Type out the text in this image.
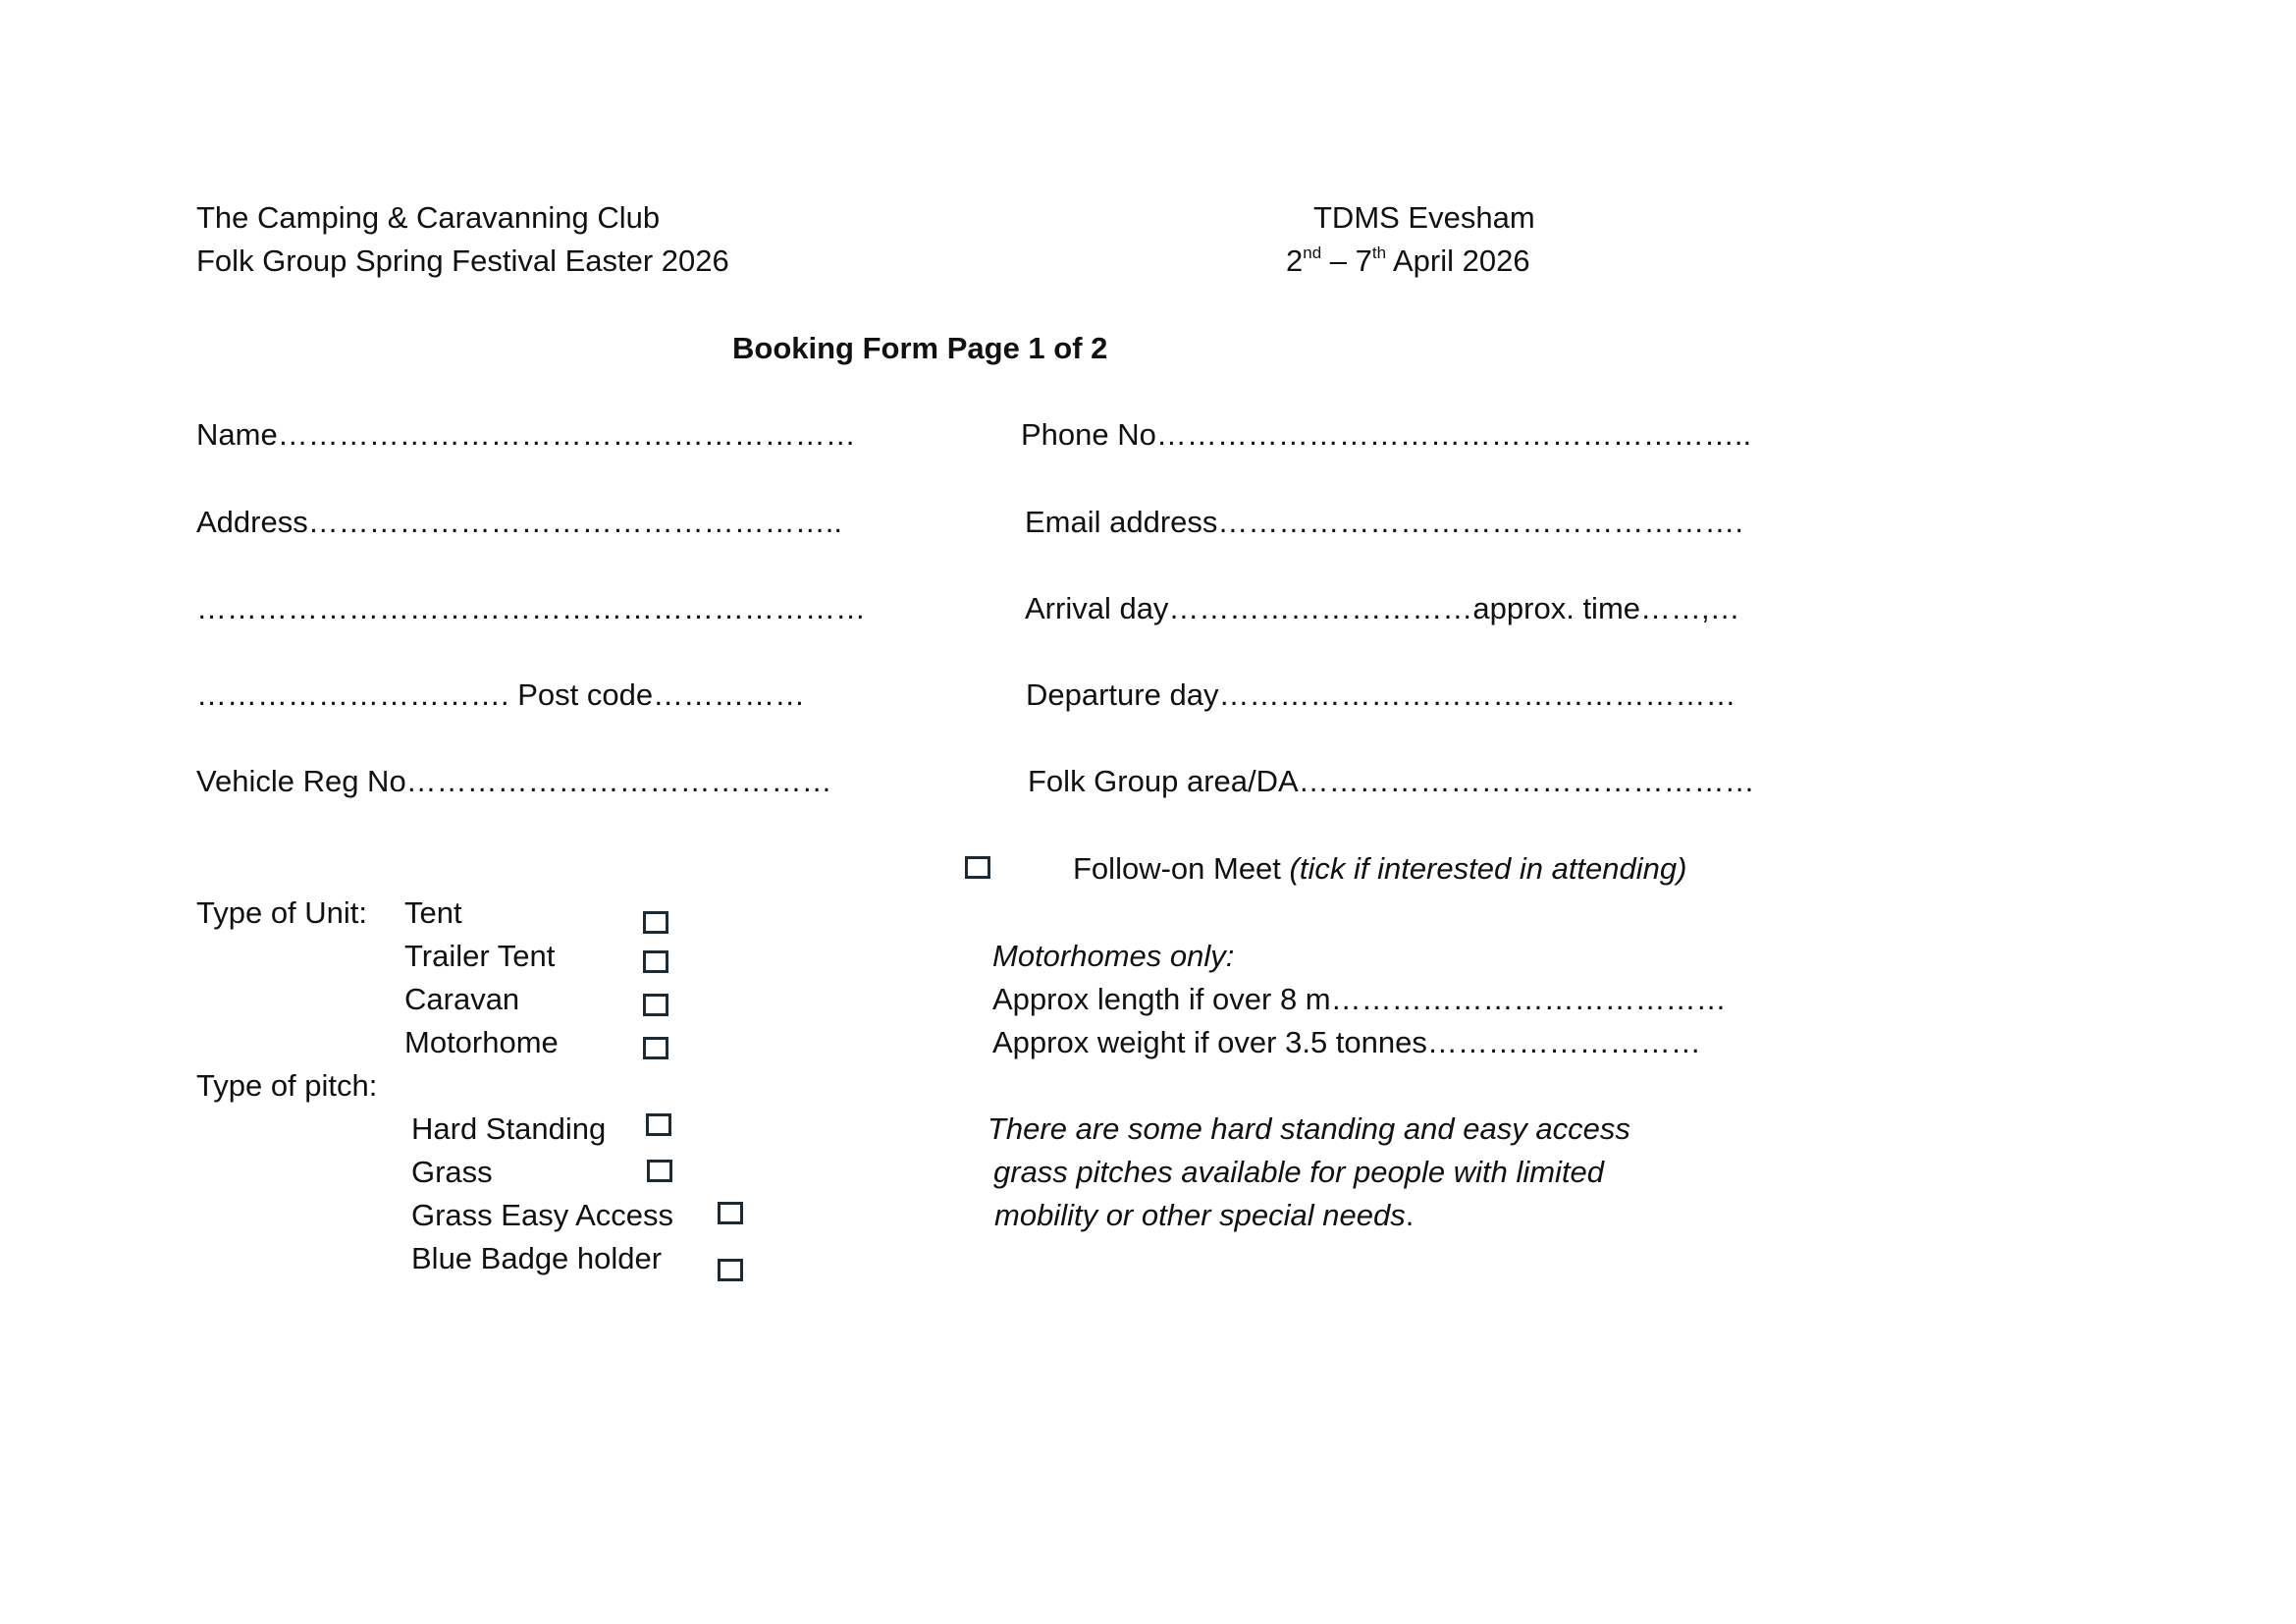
The Camping & Caravanning Club
Folk Group Spring Festival Easter 2026
TDMS Evesham
2nd – 7th April 2026
Booking Form Page 1 of 2
Name…………………………………………………
Address……………………………………………..
…………………………………………………………
…………………………. Post code……………
Vehicle Reg No……………………………………
Phone No…………………………………………………..
Email address…………………………………………….
Arrival day…………………………approx. time……,…
Departure day……………………………………………
Folk Group area/DA………………………………………
Follow-on Meet (tick if interested in attending)
Type of Unit: Tent
Trailer Tent
Caravan
Motorhome
Type of pitch:
Hard Standing
Grass
Grass Easy Access
Blue Badge holder
Motorhomes only:
Approx length if over 8 m…………………………………
Approx weight if over 3.5 tonnes………………………
There are some hard standing and easy access
grass pitches available for people with limited
mobility or other special needs.
